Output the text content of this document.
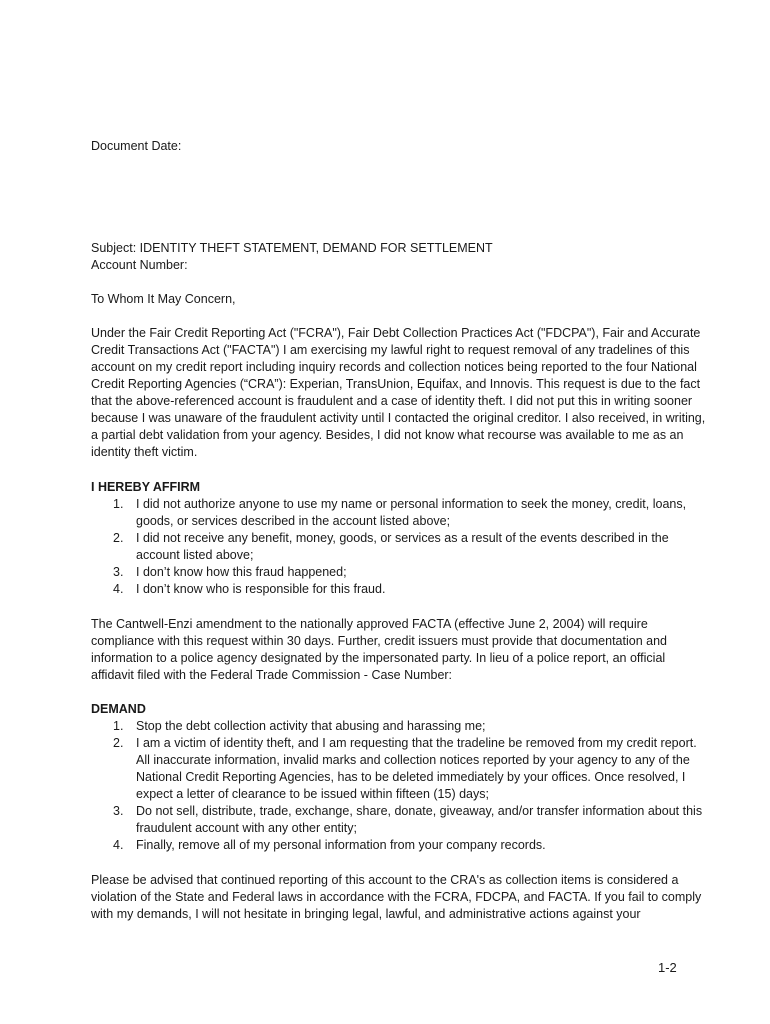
Document Date:
Subject: IDENTITY THEFT STATEMENT, DEMAND FOR SETTLEMENT
Account Number:
To Whom It May Concern,

Under the Fair Credit Reporting Act ("FCRA"), Fair Debt Collection Practices Act ("FDCPA"), Fair and Accurate Credit Transactions Act ("FACTA") I am exercising my lawful right to request removal of any tradelines of this account on my credit report including inquiry records and collection notices being reported to the four National Credit Reporting Agencies (“CRA”): Experian, TransUnion, Equifax, and Innovis. This request is due to the fact that the above-referenced account is fraudulent and a case of identity theft. I did not put this in writing sooner because I was unaware of the fraudulent activity until I contacted the original creditor. I also received, in writing, a partial debt validation from your agency. Besides, I did not know what recourse was available to me as an identity theft victim.

I HEREBY AFFIRM
1. I did not authorize anyone to use my name or personal information to seek the money, credit, loans, goods, or services described in the account listed above;
2. I did not receive any benefit, money, goods, or services as a result of the events described in the account listed above;
3. I don’t know how this fraud happened;
4. I don’t know who is responsible for this fraud.

The Cantwell-Enzi amendment to the nationally approved FACTA (effective June 2, 2004) will require compliance with this request within 30 days. Further, credit issuers must provide that documentation and information to a police agency designated by the impersonated party. In lieu of a police report, an official affidavit filed with the Federal Trade Commission - Case Number:

DEMAND
1. Stop the debt collection activity that abusing and harassing me;
2. I am a victim of identity theft, and I am requesting that the tradeline be removed from my credit report. All inaccurate information, invalid marks and collection notices reported by your agency to any of the National Credit Reporting Agencies, has to be deleted immediately by your offices. Once resolved, I expect a letter of clearance to be issued within fifteen (15) days;
3. Do not sell, distribute, trade, exchange, share, donate, giveaway, and/or transfer information about this fraudulent account with any other entity;
4. Finally, remove all of my personal information from your company records.

Please be advised that continued reporting of this account to the CRA's as collection items is considered a violation of the State and Federal laws in accordance with the FCRA, FDCPA, and FACTA. If you fail to comply with my demands, I will not hesitate in bringing legal, lawful, and administrative actions against your

1-2
